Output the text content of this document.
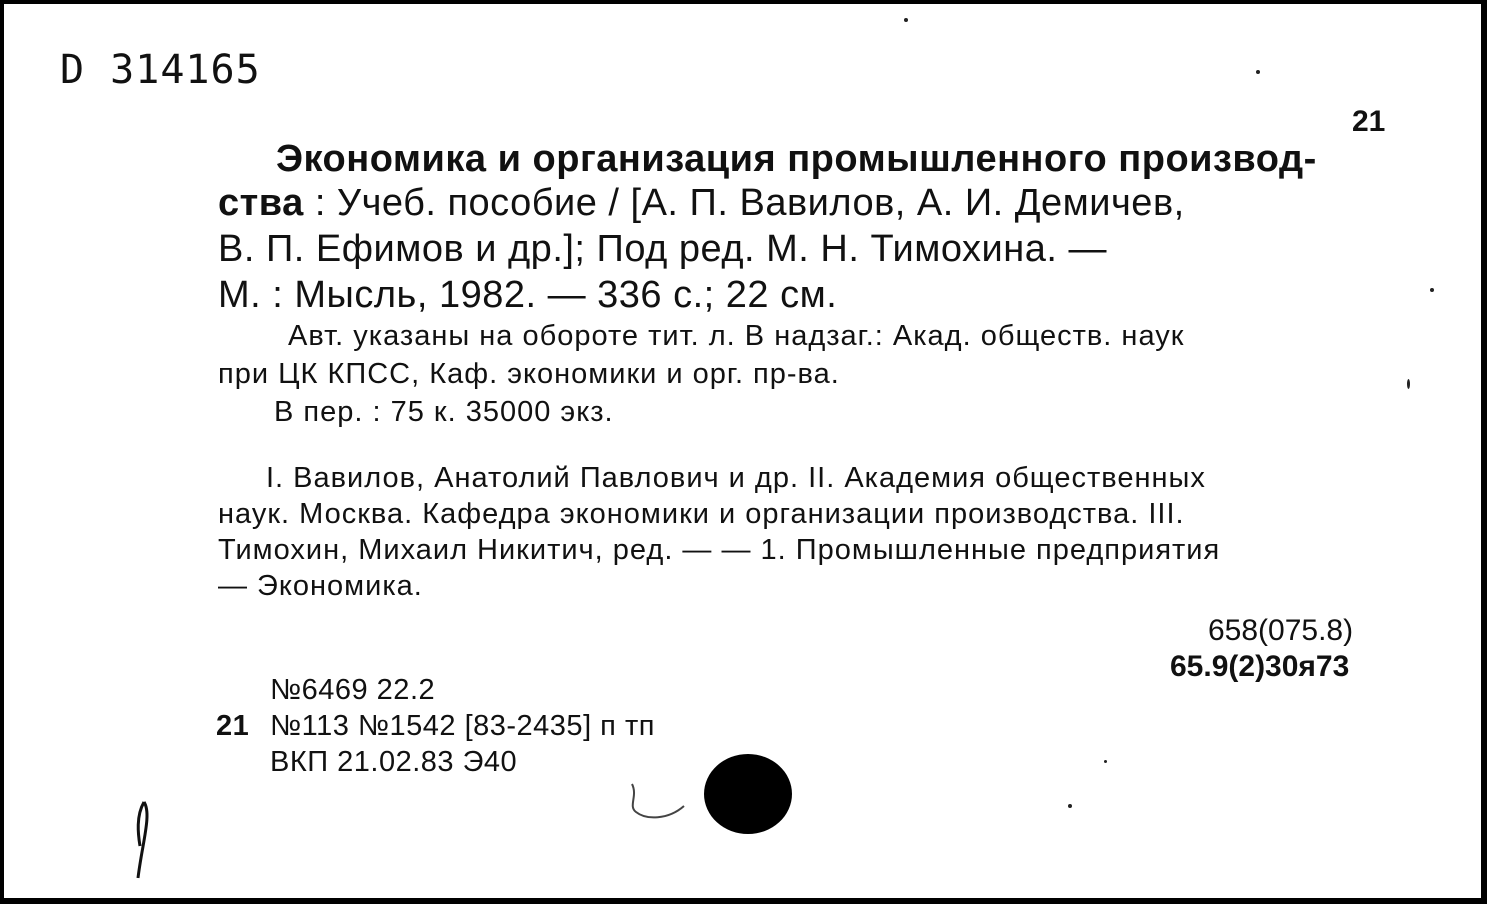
D 314165
21
Экономика и организация промышленного производ-
ства : Учеб. пособие / [А. П. Вавилов, А. И. Демичев,
В. П. Ефимов и др.]; Под ред. М. Н. Тимохина. —
М. : Мысль, 1982. — 336 с.; 22 см.
Авт. указаны на обороте тит. л. В надзаг.: Акад. обществ. наук
при ЦК КПСС, Каф. экономики и орг. пр-ва.
В пер. : 75 к. 35000 экз.
I. Вавилов, Анатолий Павлович и др. II. Академия общественных
наук. Москва. Кафедра экономики и организации производства. III.
Тимохин, Михаил Никитич, ред. — — 1. Промышленные предприятия
— Экономика.
658(075.8)
65.9(2)30я73
№6469 22.2
21 №113 №1542 [83-2435] п тп
ВКП 21.02.83 Э40
